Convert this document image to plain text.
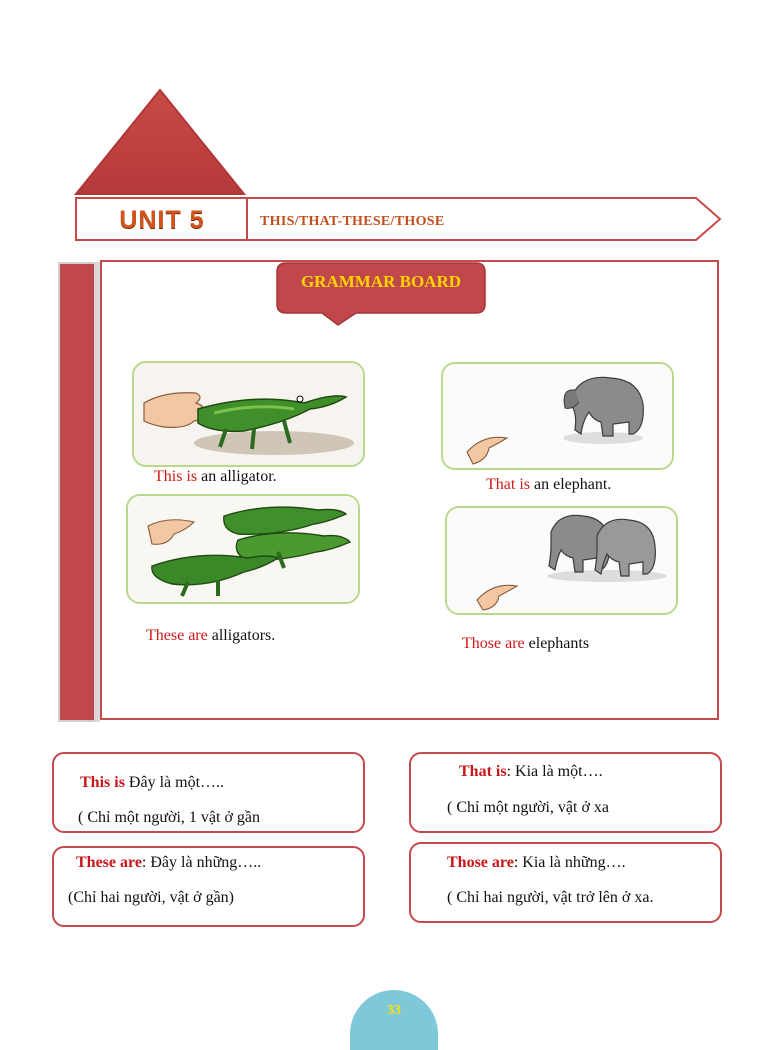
UNIT 5	THIS/THAT-THESE/THOSE
GRAMMAR BOARD
This is an alligator.	That is an elephant.
These are alligators.	Those are elephants
This is Đây là một…..
( Chỉ một người, 1 vật ở gần
That is: Kia là một….
( Chỉ một người, vật ở xa
These are: Đây là những…..
(Chỉ hai người, vật ở gần)
Those are: Kia là những….
( Chỉ hai người, vật trở lên ở xa.
33
